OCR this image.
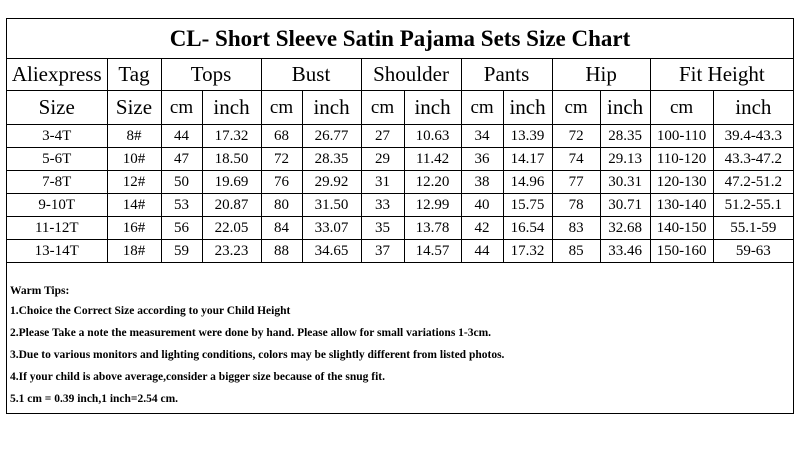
CL- Short Sleeve Satin Pajama Sets Size Chart
Aliexpress	Tag	Tops		Bust		Shoulder		Pants		Hip		Fit Height	
Size	Size	cm	inch	cm	inch	cm	inch	cm	inch	cm	inch	cm	inch
3-4T	8#	44	17.32	68	26.77	27	10.63	34	13.39	72	28.35	100-110	39.4-43.3
5-6T	10#	47	18.50	72	28.35	29	11.42	36	14.17	74	29.13	110-120	43.3-47.2
7-8T	12#	50	19.69	76	29.92	31	12.20	38	14.96	77	30.31	120-130	47.2-51.2
9-10T	14#	53	20.87	80	31.50	33	12.99	40	15.75	78	30.71	130-140	51.2-55.1
11-12T	16#	56	22.05	84	33.07	35	13.78	42	16.54	83	32.68	140-150	55.1-59
13-14T	18#	59	23.23	88	34.65	37	14.57	44	17.32	85	33.46	150-160	59-63
Warm Tips:
1.Choice the Correct Size according to your Child Height
2.Please Take a note the measurement were done by hand. Please allow for small variations 1-3cm.
3.Due to various monitors and lighting conditions, colors may be slightly different from listed photos.
4.If your child is above average,consider a bigger size because of the snug fit.
5.1 cm = 0.39 inch,1 inch=2.54 cm.
